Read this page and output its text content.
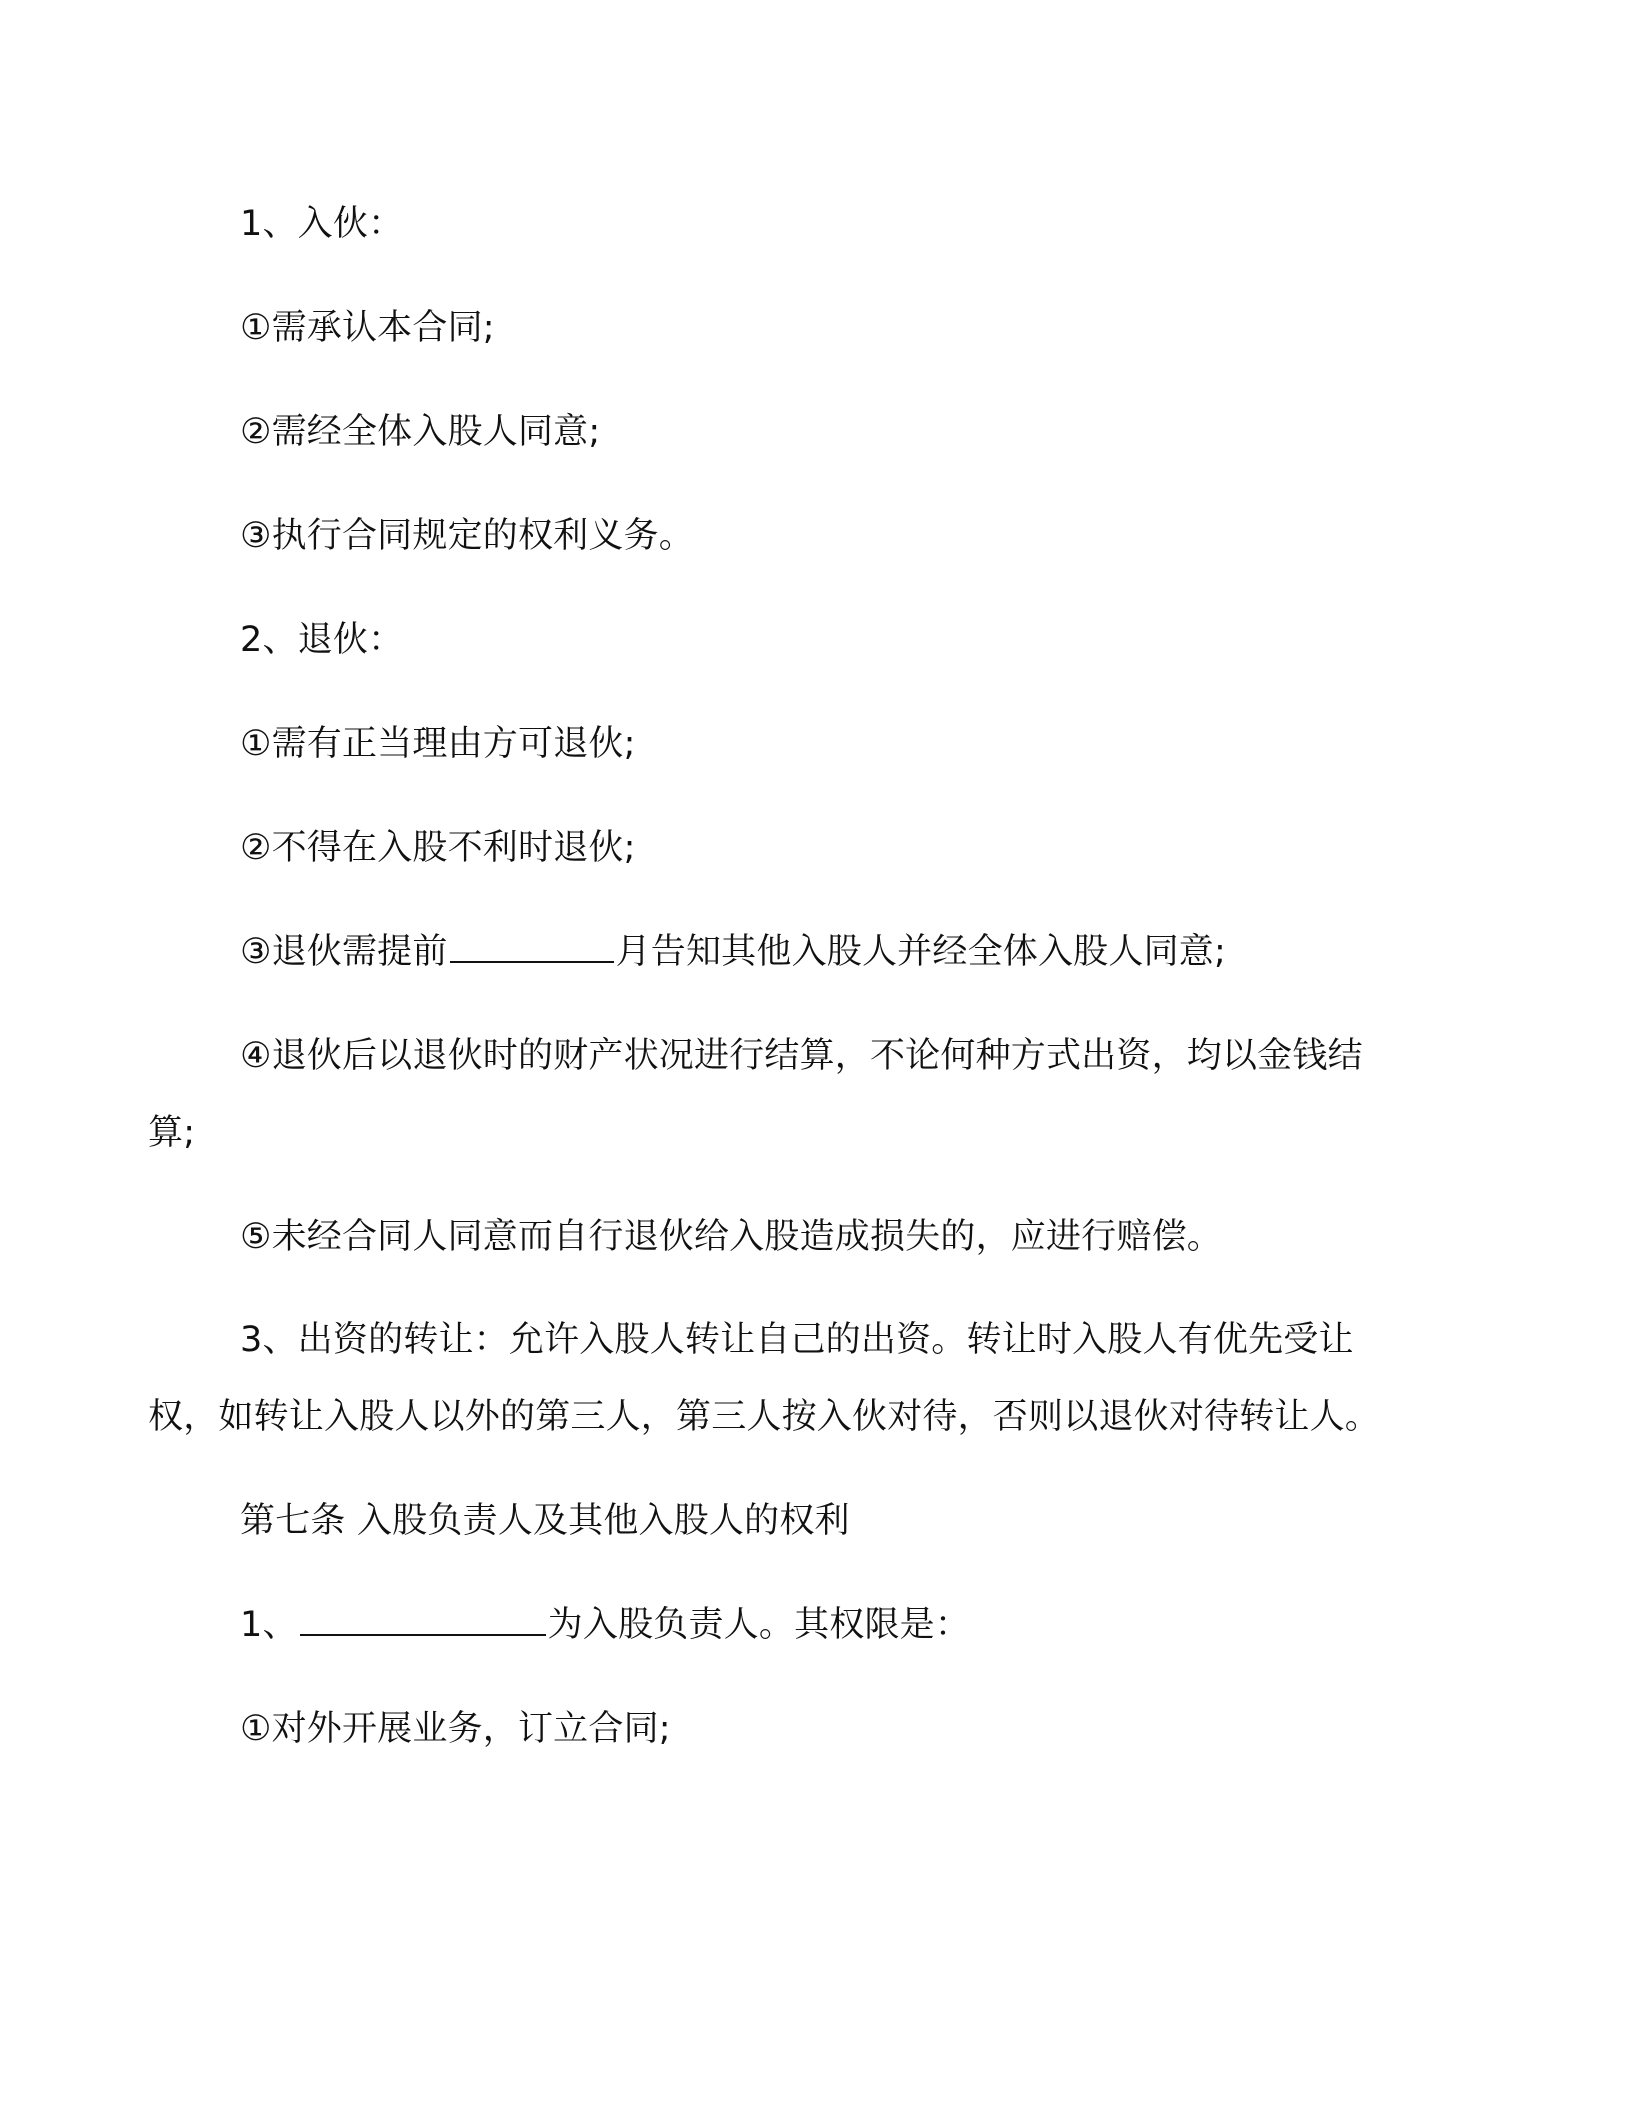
1、入伙：

①需承认本合同;

②需经全体入股人同意;

③执行合同规定的权利义务。

2、退伙：

①需有正当理由方可退伙;

②不得在入股不利时退伙;

③退伙需提前	月告知其他入股人并经全体入股人同意;

④退伙后以退伙时的财产状况进行结算，不论何种方式出资，均以金钱结算;

⑤未经合同人同意而自行退伙给入股造成损失的，应进行赔偿。

3、出资的转让：允许入股人转让自己的出资。转让时入股人有优先受让权，如转让入股人以外的第三人，第三人按入伙对待，否则以退伙对待转让人。

第七条 入股负责人及其他入股人的权利

1、	为入股负责人。其权限是：

①对外开展业务，订立合同;
